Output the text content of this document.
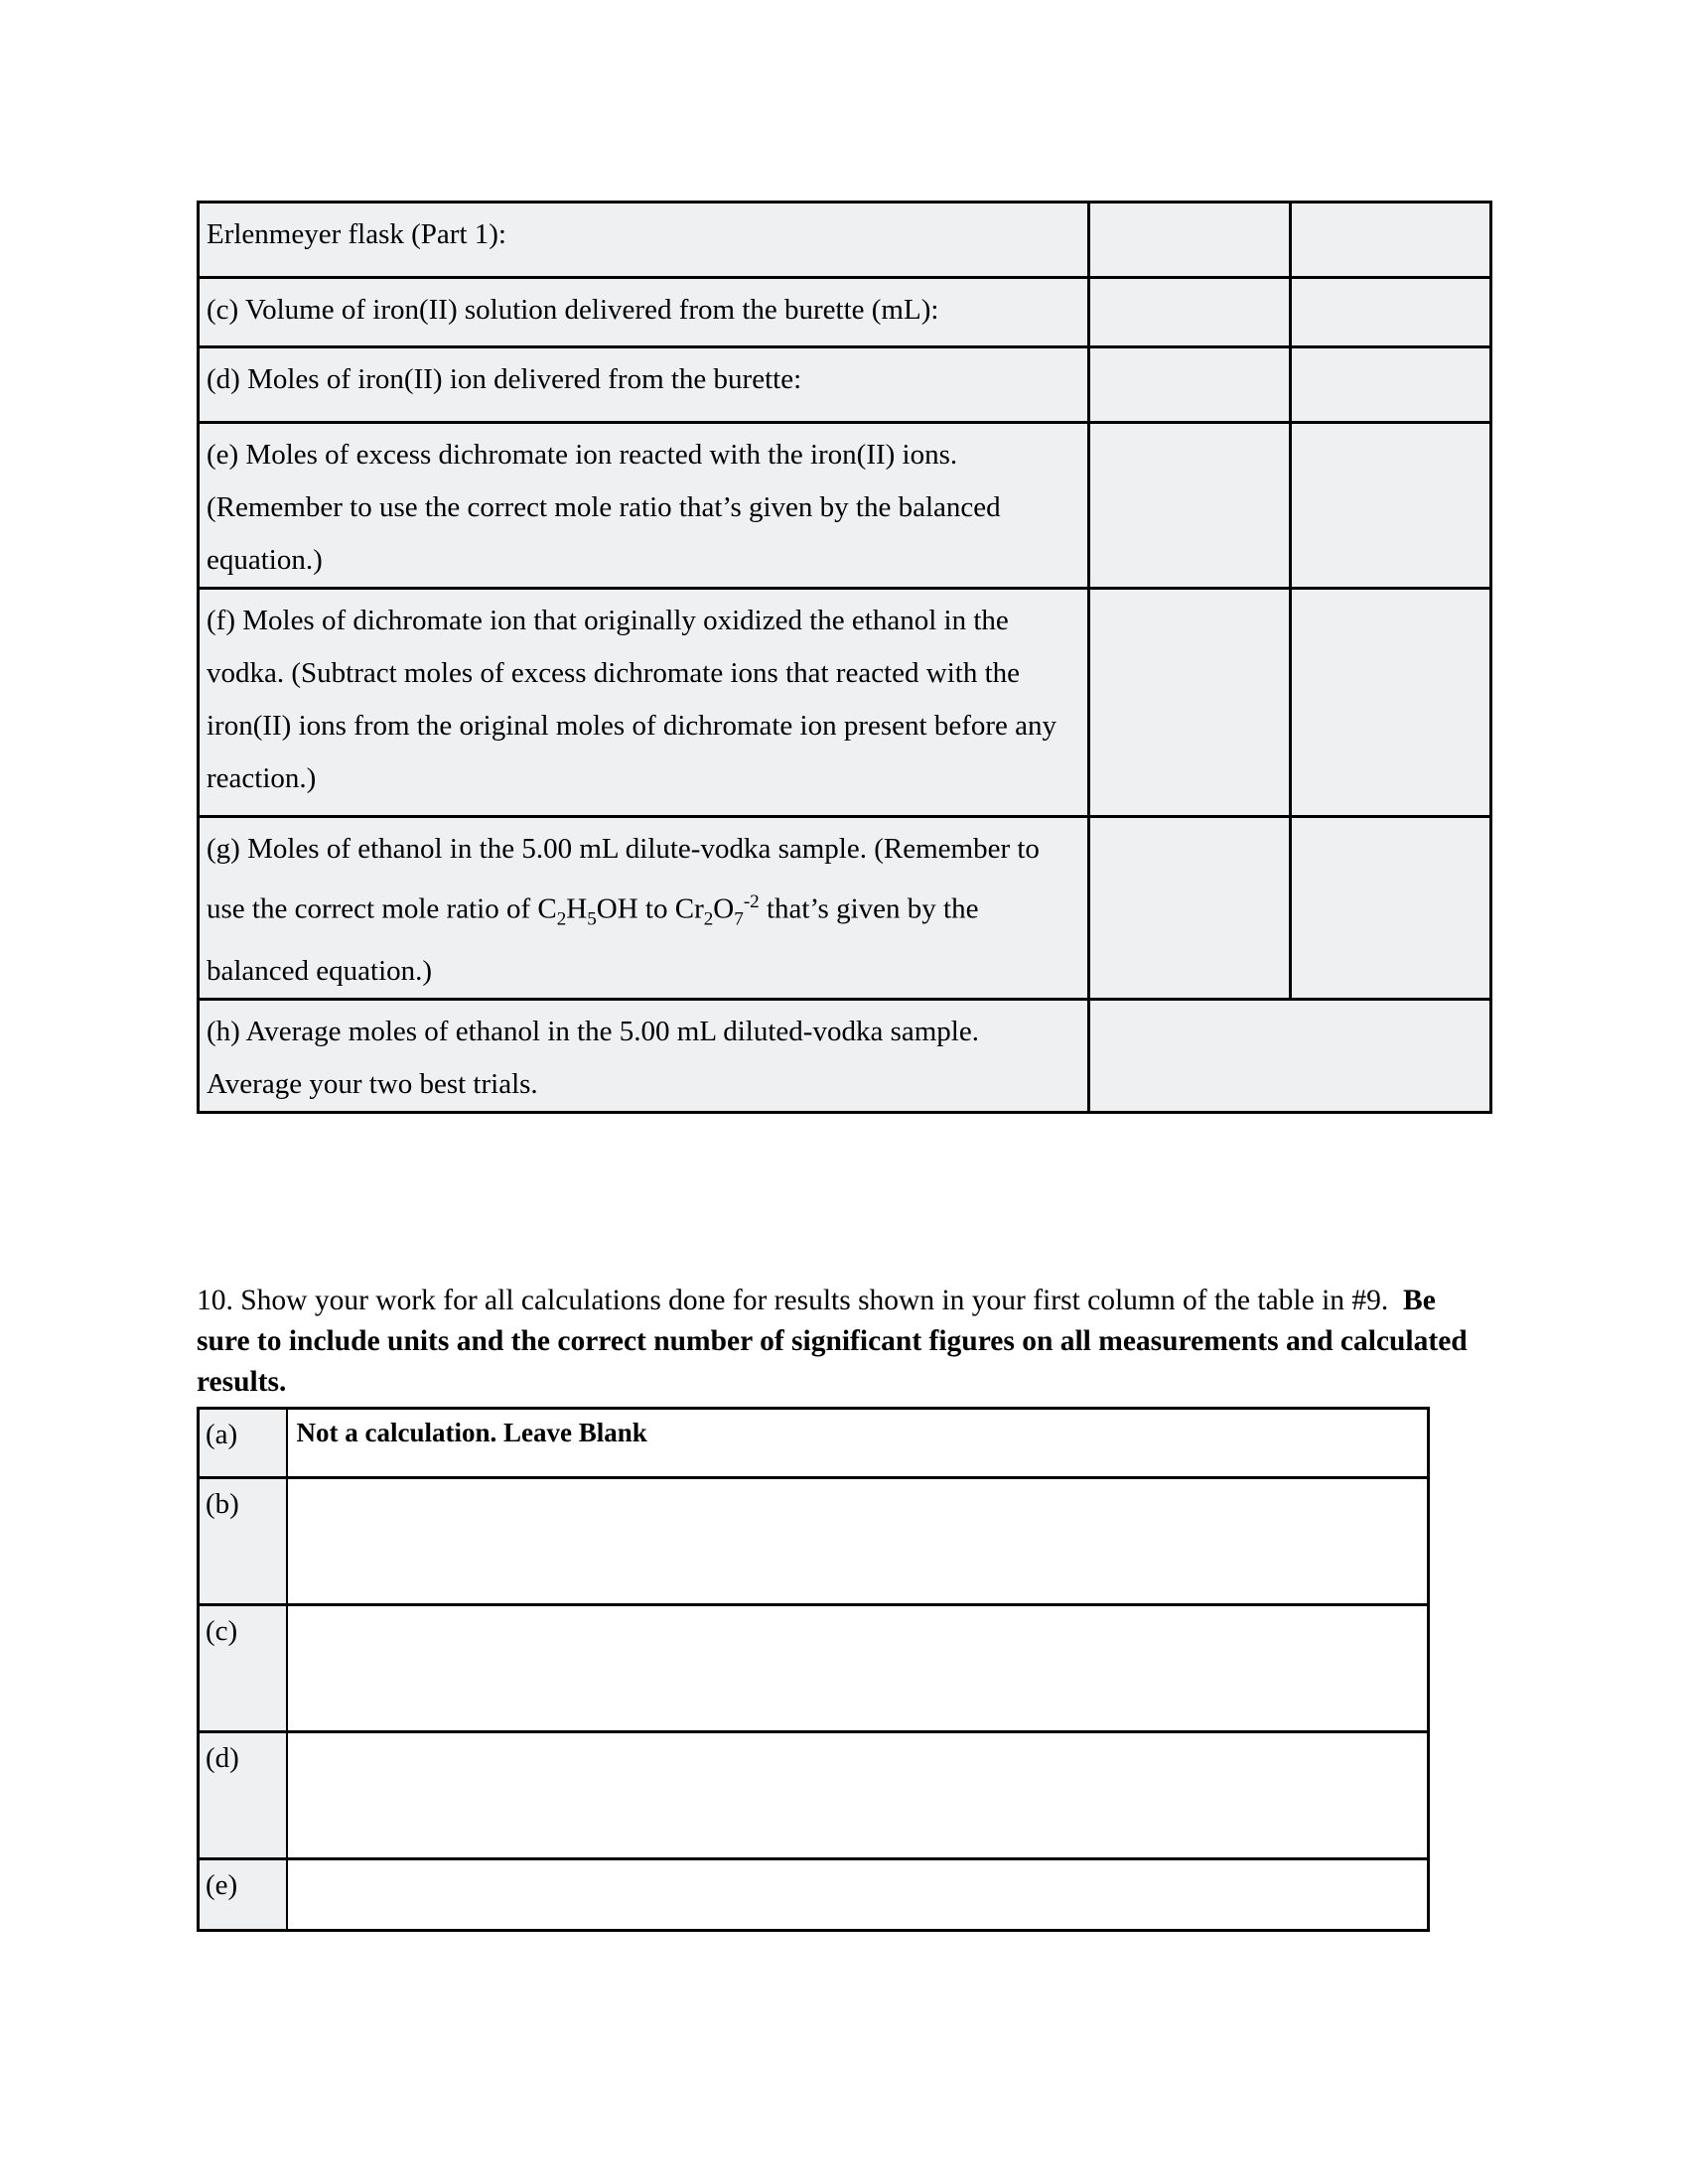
Erlenmeyer flask (Part 1):		
(c) Volume of iron(II) solution delivered from the burette (mL):		
(d) Moles of iron(II) ion delivered from the burette:		
(e) Moles of excess dichromate ion reacted with the iron(II) ions. (Remember to use the correct mole ratio that’s given by the balanced equation.)		
(f) Moles of dichromate ion that originally oxidized the ethanol in the vodka. (Subtract moles of excess dichromate ions that reacted with the iron(II) ions from the original moles of dichromate ion present before any reaction.)		
(g) Moles of ethanol in the 5.00 mL dilute-vodka sample. (Remember to use the correct mole ratio of $C_2H_5OH$ to $Cr_2O_7^{-2}$ that’s given by the balanced equation.)		
(h) Average moles of ethanol in the 5.00 mL diluted-vodka sample.  Average your two best trials.		

10. Show your work for all calculations done for results shown in your first column of the table in #9.  Be sure to include units and the correct number of significant figures on all measurements and calculated results.

(a)	Not a calculation. Leave Blank
(b)	
(c)	
(d)	
(e)	
